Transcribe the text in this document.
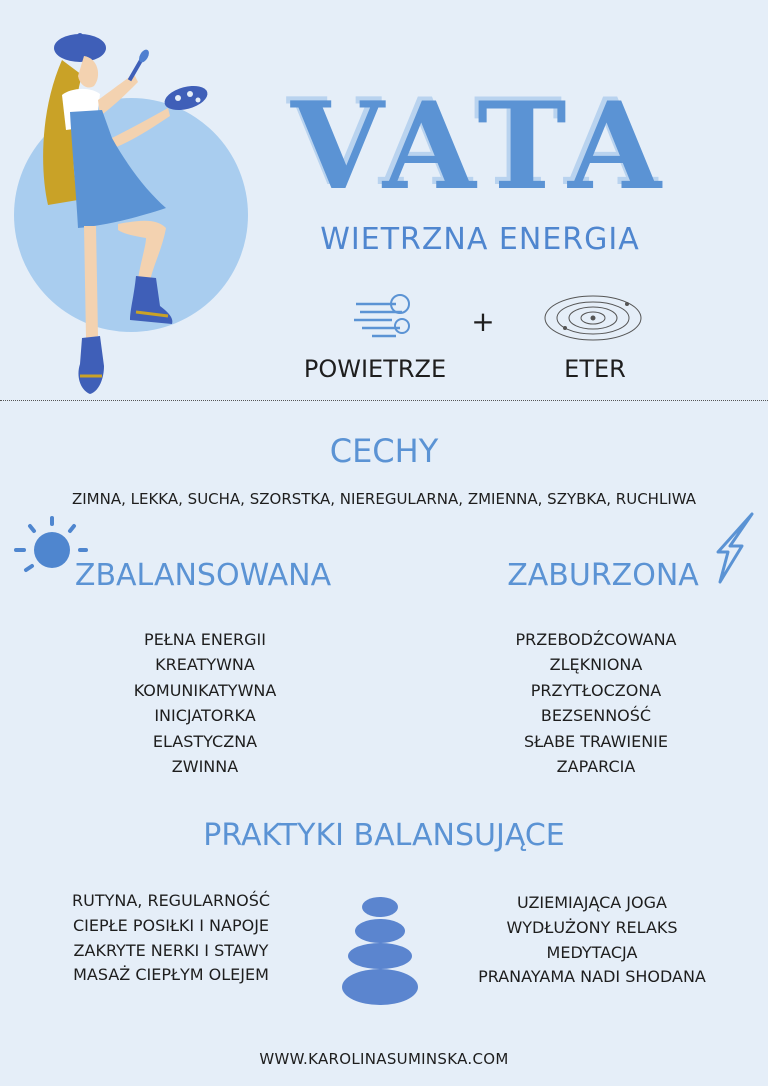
VATA
WIETRZNA ENERGIA
+
POWIETRZE	ETER
CECHY
ZIMNA, LEKKA, SUCHA, SZORSTKA, NIEREGULARNA, ZMIENNA, SZYBKA, RUCHLIWA
ZBALANSOWANA	ZABURZONA
PEŁNA ENERGII
KREATYWNA
KOMUNIKATYWNA
INICJATORKA
ELASTYCZNA
ZWINNA
PRZEBODŹCOWANA
ZLĘKNIONA
PRZYTŁOCZONA
BEZSENNOŚĆ
SŁABE TRAWIENIE
ZAPARCIA
PRAKTYKI BALANSUJĄCE
RUTYNA, REGULARNOŚĆ
CIEPŁE POSIŁKI I NAPOJE
ZAKRYTE NERKI I STAWY
MASAŻ CIEPŁYM OLEJEM
UZIEMIAJĄCA JOGA
WYDŁUŻONY RELAKS
MEDYTACJA
PRANAYAMA NADI SHODANA
WWW.KAROLINASUMINSKA.COM
